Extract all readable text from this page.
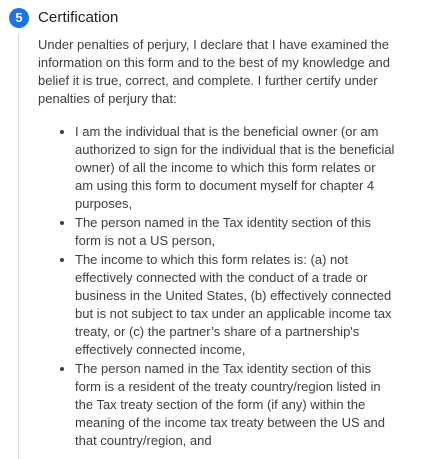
5	Certification

Under penalties of perjury, I declare that I have examined the information on this form and to the best of my knowledge and belief it is true, correct, and complete. I further certify under penalties of perjury that:

• I am the individual that is the beneficial owner (or am authorized to sign for the individual that is the beneficial owner) of all the income to which this form relates or am using this form to document myself for chapter 4 purposes,
• The person named in the Tax identity section of this form is not a US person,
• The income to which this form relates is: (a) not effectively connected with the conduct of a trade or business in the United States, (b) effectively connected but is not subject to tax under an applicable income tax treaty, or (c) the partner’s share of a partnership's effectively connected income,
• The person named in the Tax identity section of this form is a resident of the treaty country/region listed in the Tax treaty section of the form (if any) within the meaning of the income tax treaty between the US and that country/region, and
